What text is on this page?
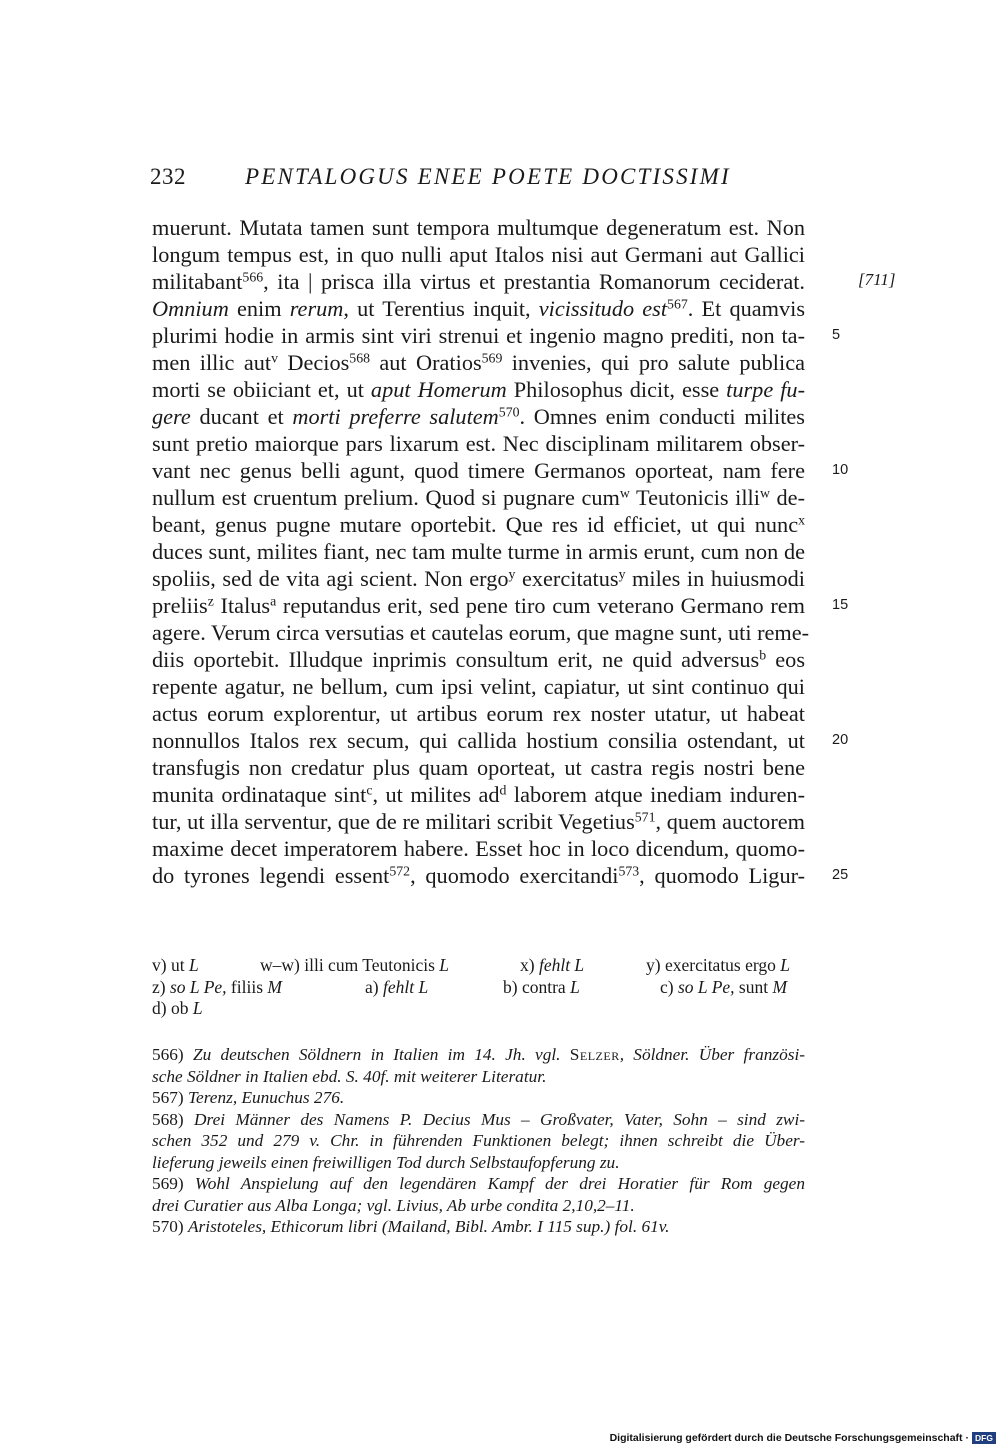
232	PENTALOGUS ENEE POETE DOCTISSIMI
muerunt. Mutata tamen sunt tempora multumque degeneratum est. Non
longum tempus est, in quo nulli aput Italos nisi aut Germani aut Gallici
militabant$^{566}$, ita | prisca illa virtus et prestantia Romanorum ceciderat.
Omnium enim rerum, ut Terentius inquit, vicissitudo est$^{567}$. Et quamvis
plurimi hodie in armis sint viri strenui et ingenio magno prediti, non ta-
men illic aut$^v$ Decios$^{568}$ aut Oratios$^{569}$ invenies, qui pro salute publica
morti se obiiciant et, ut aput Homerum Philosophus dicit, esse turpe fu-
gere ducant et morti preferre salutem$^{570}$. Omnes enim conducti milites
sunt pretio maiorque pars lixarum est. Nec disciplinam militarem obser-
vant nec genus belli agunt, quod timere Germanos oporteat, nam fere
nullum est cruentum prelium. Quod si pugnare cum$^w$ Teutonicis illi$^w$ de-
beant, genus pugne mutare oportebit. Que res id efficiet, ut qui nunc$^x$
duces sunt, milites fiant, nec tam multe turme in armis erunt, cum non de
spoliis, sed de vita agi scient. Non ergo$^y$ exercitatus$^y$ miles in huiusmodi
preliis$^z$ Italus$^a$ reputandus erit, sed pene tiro cum veterano Germano rem
agere. Verum circa versutias et cautelas eorum, que magne sunt, uti reme-
diis oportebit. Illudque inprimis consultum erit, ne quid adversus$^b$ eos
repente agatur, ne bellum, cum ipsi velint, capiatur, ut sint continuo qui
actus eorum explorentur, ut artibus eorum rex noster utatur, ut habeat
nonnullos Italos rex secum, qui callida hostium consilia ostendant, ut
transfugis non credatur plus quam oporteat, ut castra regis nostri bene
munita ordinataque sint$^c$, ut milites $ad^d$ laborem atque inediam induren-
tur, ut illa serventur, que de re militari scribit Vegetius$^{571}$, quem auctorem
maxime decet imperatorem habere. Esset hoc in loco dicendum, quomo-
do tyrones legendi essent$^{572}$, quomodo exercitandi$^{573}$, quomodo Ligur-
[711]
5
10
15
20
25
v) ut L	w–w) illi cum Teutonicis L	x) fehlt L	y) exercitatus ergo L
z) so L Pe, filiis M	a) fehlt L	b) contra L	c) so L Pe, sunt M
d) ob L
566) Zu deutschen Söldnern in Italien im 14. Jh. vgl. Selzer, Söldner. Über französi-
sche Söldner in Italien ebd. S. 40f. mit weiterer Literatur.
567) Terenz, Eunuchus 276.
568) Drei Männer des Namens P. Decius Mus – Großvater, Vater, Sohn – sind zwi-
schen 352 und 279 v. Chr. in führenden Funktionen belegt; ihnen schreibt die Über-
lieferung jeweils einen freiwilligen Tod durch Selbstaufopferung zu.
569) Wohl Anspielung auf den legendären Kampf der drei Horatier für Rom gegen
drei Curatier aus Alba Longa; vgl. Livius, Ab urbe condita 2,10,2–11.
570) Aristoteles, Ethicorum libri (Mailand, Bibl. Ambr. I 115 sup.) fol. 61v.
Digitalisierung gefördert durch die Deutsche Forschungsgemeinschaft · DFG
